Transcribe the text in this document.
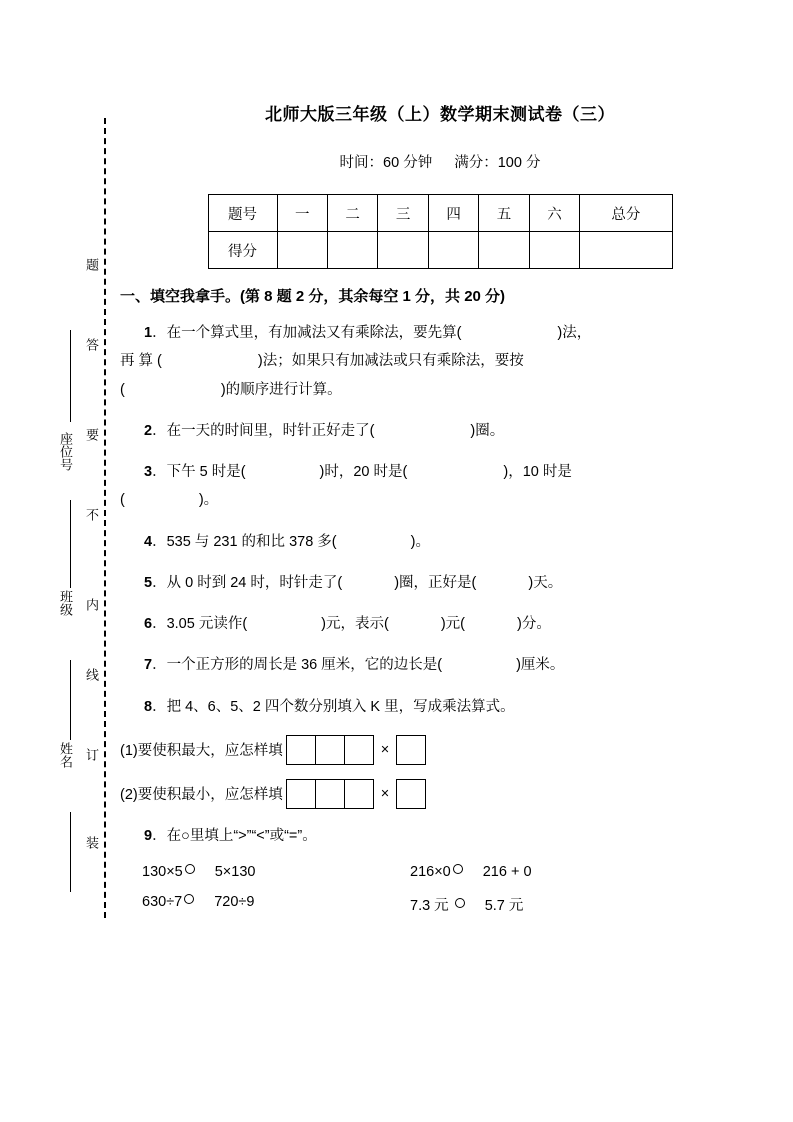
题
答
要
不
内
线
订
装
座位号
班级
姓名
北师大版三年级（上）数学期末测试卷（三）
时间：60 分钟 满分：100 分
题号	一	二	三	四	五	六	总分
得分							
一、填空我拿手。(第 8 题 2 分，其余每空 1 分，共 20 分)
1．在一个算式里，有加减法又有乘除法，要先算(	)法，
再 算 (	)法；如果只有加减法或只有乘除法，要按
(	)的顺序进行计算。
2．在一天的时间里，时针正好走了(	)圈。
3．下午 5 时是(	)时，20 时是(	)，10 时是
(	)。
4．535 与 231 的和比 378 多(	)。
5．从 0 时到 24 时，时针走了(	)圈，正好是(	)天。
6．3.05 元读作(	)元，表示(	)元(	)分。
7．一个正方形的周长是 36 厘米，它的边长是(	)厘米。
8．把 4、6、5、2 四个数分别填入 K 里，写成乘法算式。
(1)要使积最大，应怎样填	×
(2)要使积最小，应怎样填	×
9．在○里填上“>”“<”或“=”。
130×5 5×130	216×0 216 + 0
630÷7 720÷9	7.3 元 5.7 元
